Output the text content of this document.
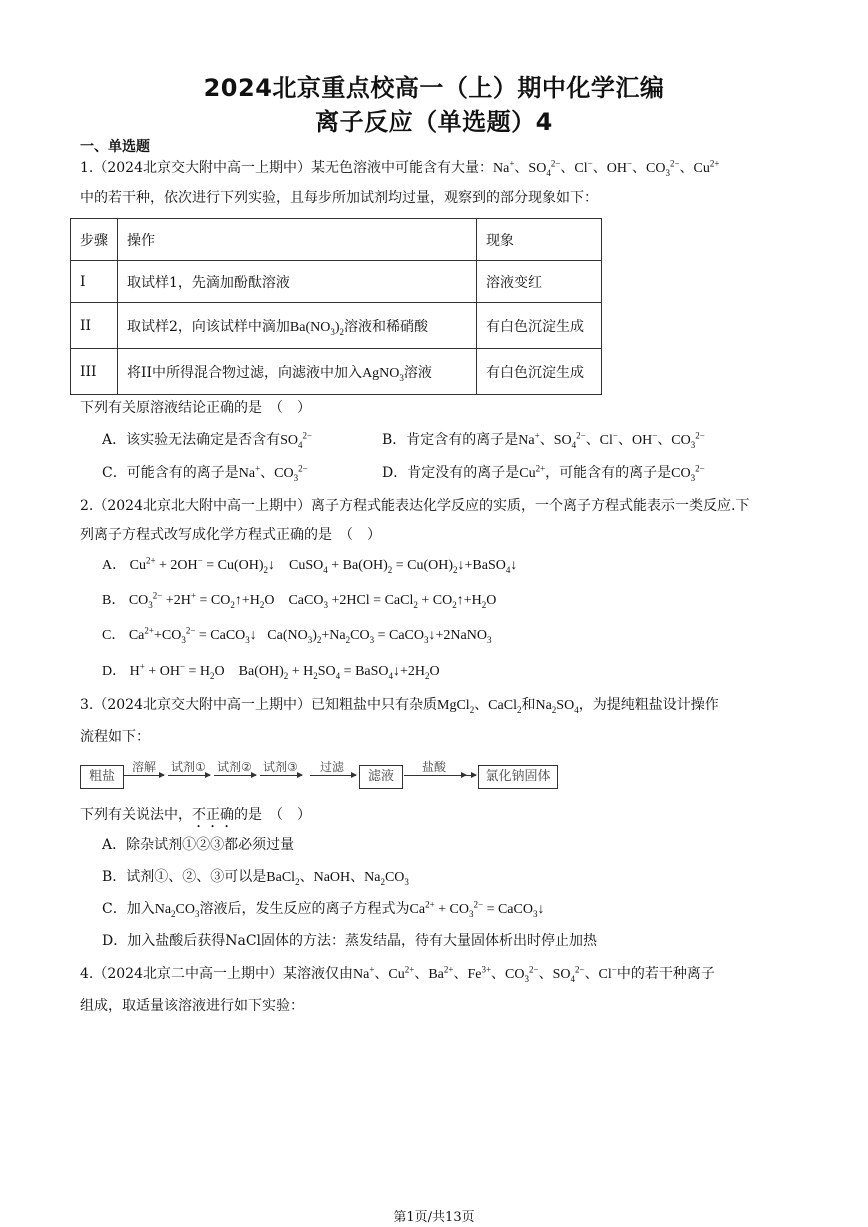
2024北京重点校高一（上）期中化学汇编
离子反应（单选题）4
一、单选题
1.（2024北京交大附中高一上期中）某无色溶液中可能含有大量：Na+、$SO_4^{2-}$、Cl−、OH−、$CO_3^{2-}$、$Cu^{2+}$
中的若干种，依次进行下列实验，且每步所加试剂均过量，观察到的部分现象如下：
步骤	操作	现象
I	取试样1，先滴加酚酞溶液	溶液变红
II	取试样2，向该试样中滴加$Ba(NO_3)_2$溶液和稀硝酸	有白色沉淀生成
III	将II中所得混合物过滤，向滤液中加入AgNO$_3$溶液	有白色沉淀生成
下列有关原溶液结论正确的是　（　）
A．该实验无法确定是否含有$SO_4^{2-}$	B．肯定含有的离子是Na+、$SO_4^{2-}$、Cl−、OH−、$CO_3^{2-}$
C．可能含有的离子是Na+、$CO_3^{2-}$	D．肯定没有的离子是$Cu^{2+}$，可能含有的离子是$CO_3^{2-}$
2.（2024北京北大附中高一上期中）离子方程式能表达化学反应的实质，一个离子方程式能表示一类反应.下
列离子方程式改写成化学方程式正确的是　（　）
A． $Cu^{2+} + 2OH^-$ = $Cu(OH)_2↓$    CuSO$_4$ + $Ba(OH)_2$ = $Cu(OH)_2↓+BaSO_4↓$
B． $CO_3^{2-} +2H^+$ = $CO_2↑+H_2O$    CaCO$_3$ +2HCl = CaCl$_2$ + $CO_2↑+H_2O$
C． $Ca^{2+}+CO_3^{2-}$ = CaCO$_3$↓   $Ca(NO_3)_2+Na_2CO_3$ = CaCO$_3$↓+2NaNO$_3$
D． $H^+ + OH^- = H_2O$    $Ba(OH)_2 + H_2SO_4$ = $BaSO_4↓+2H_2O$
3.（2024北京交大附中高一上期中）已知粗盐中只有杂质MgCl$_2$、CaCl$_2$和$Na_2SO_4$，为提纯粗盐设计操作
流程如下：
粗盐
溶解 试剂① 试剂② 试剂③ 过滤
滤液
盐酸
氯化钠固体
下列有关说法中，不正确的是　（　）
A．除杂试剂①②③都必须过量
B．试剂①、②、③可以是BaCl$_2$、NaOH、$Na_2CO_3$
C．加入$Na_2CO_3$溶液后，发生反应的离子方程式为$Ca^{2+} + CO_3^{2-}$ = CaCO$_3$↓
D．加入盐酸后获得NaCl固体的方法：蒸发结晶，待有大量固体析出时停止加热
4.（2024北京二中高一上期中）某溶液仅由Na+、$Cu^{2+}$、$Ba^{2+}$、$Fe^{3+}$、$CO_3^{2-}$、$SO_4^{2-}$、Cl−中的若干种离子
组成，取适量该溶液进行如下实验：
第1页/共13页
